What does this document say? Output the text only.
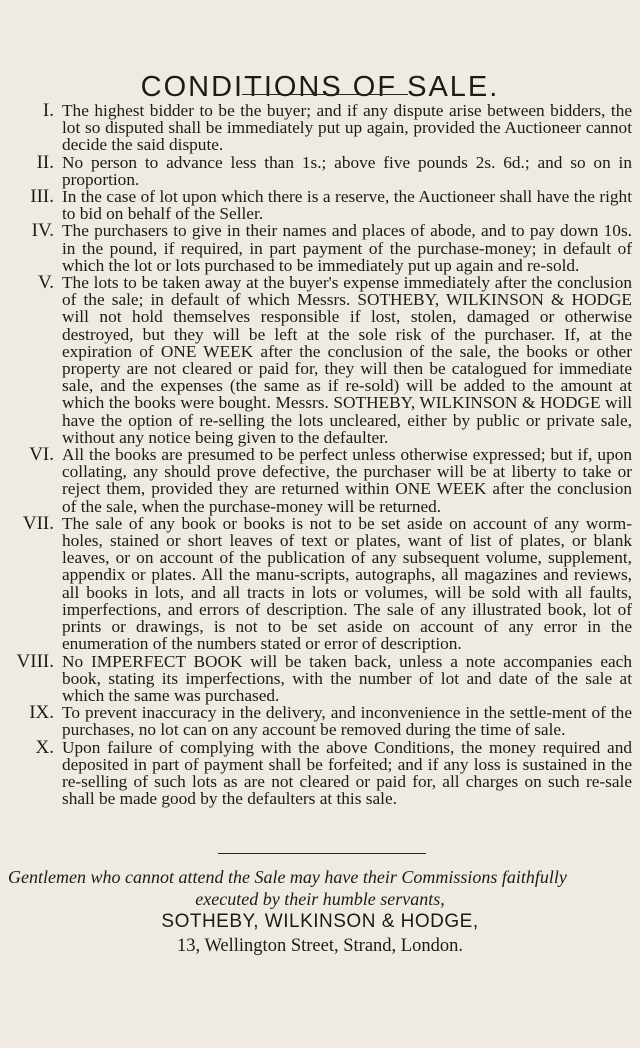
CONDITIONS OF SALE.
I. The highest bidder to be the buyer; and if any dispute arise between bidders, the lot so disputed shall be immediately put up again, provided the Auctioneer cannot decide the said dispute.
II. No person to advance less than 1s.; above five pounds 2s. 6d.; and so on in proportion.
III. In the case of lot upon which there is a reserve, the Auctioneer shall have the right to bid on behalf of the Seller.
IV. The purchasers to give in their names and places of abode, and to pay down 10s. in the pound, if required, in part payment of the purchase-money; in default of which the lot or lots purchased to be immediately put up again and re-sold.
V. The lots to be taken away at the buyer's expense immediately after the conclusion of the sale; in default of which Messrs. SOTHEBY, WILKINSON & HODGE will not hold themselves responsible if lost, stolen, damaged or otherwise destroyed, but they will be left at the sole risk of the purchaser. If, at the expiration of ONE WEEK after the conclusion of the sale, the books or other property are not cleared or paid for, they will then be catalogued for immediate sale, and the expenses (the same as if re-sold) will be added to the amount at which the books were bought. Messrs. SOTHEBY, WILKINSON & HODGE will have the option of re-selling the lots uncleared, either by public or private sale, without any notice being given to the defaulter.
VI. All the books are presumed to be perfect unless otherwise expressed; but if, upon collating, any should prove defective, the purchaser will be at liberty to take or reject them, provided they are returned within ONE WEEK after the conclusion of the sale, when the purchase-money will be returned.
VII. The sale of any book or books is not to be set aside on account of any worm-holes, stained or short leaves of text or plates, want of list of plates, or blank leaves, or on account of the publication of any subsequent volume, supplement, appendix or plates. All the manu-scripts, autographs, all magazines and reviews, all books in lots, and all tracts in lots or volumes, will be sold with all faults, imperfections, and errors of description. The sale of any illustrated book, lot of prints or drawings, is not to be set aside on account of any error in the enumeration of the numbers stated or error of description.
VIII. No IMPERFECT BOOK will be taken back, unless a note accompanies each book, stating its imperfections, with the number of lot and date of the sale at which the same was purchased.
IX. To prevent inaccuracy in the delivery, and inconvenience in the settle-ment of the purchases, no lot can on any account be removed during the time of sale.
X. Upon failure of complying with the above Conditions, the money required and deposited in part of payment shall be forfeited; and if any loss is sustained in the re-selling of such lots as are not cleared or paid for, all charges on such re-sale shall be made good by the defaulters at this sale.

Gentlemen who cannot attend the Sale may have their Commissions faithfully

executed by their humble servants,

SOTHEBY, WILKINSON & HODGE,

13, Wellington Street, Strand, London.
